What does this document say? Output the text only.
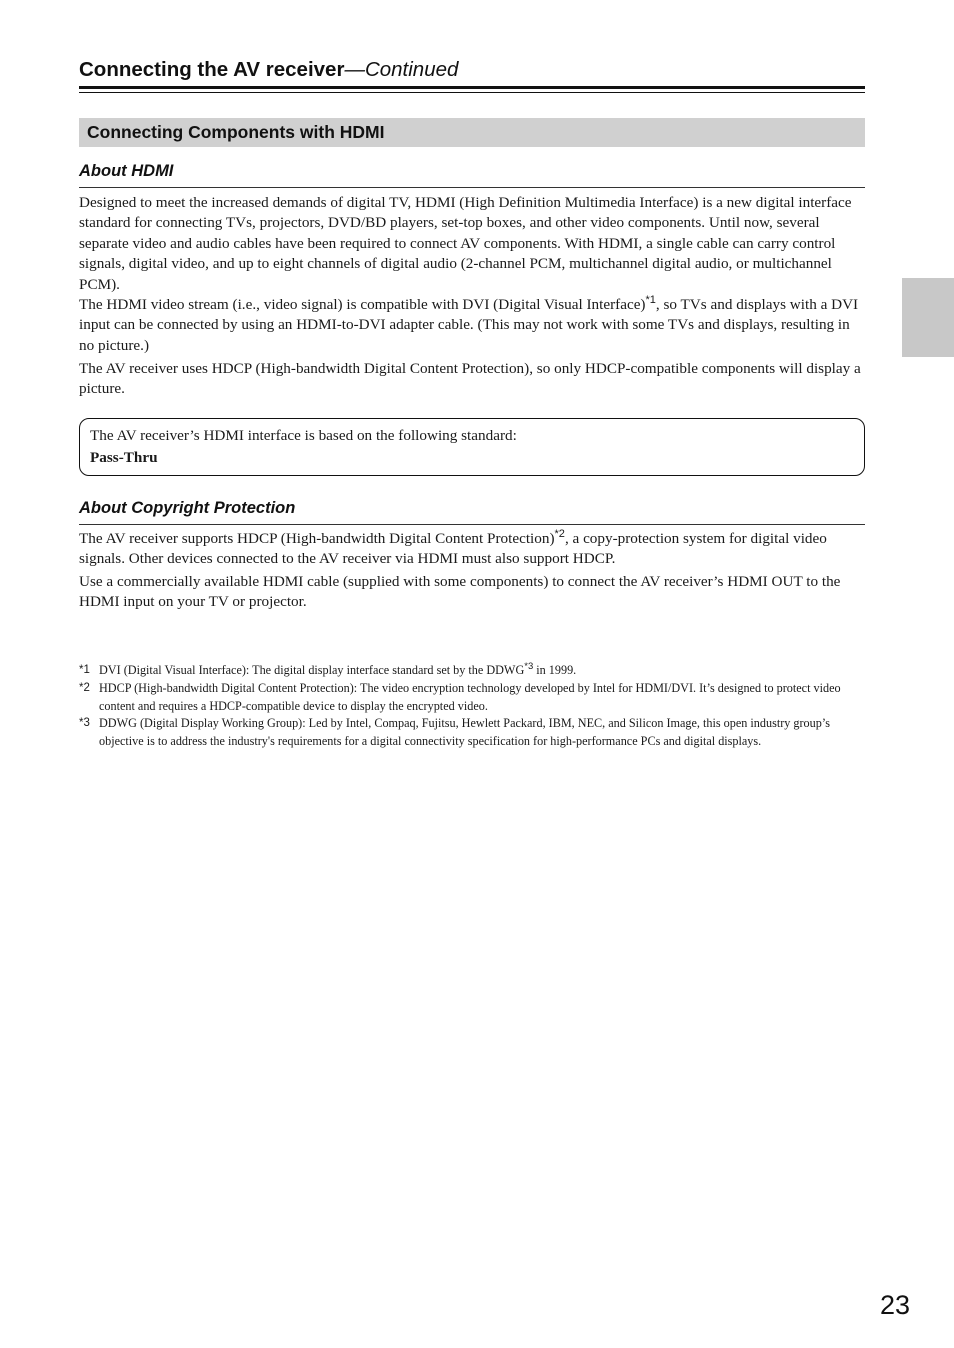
Connecting the AV receiver—Continued
Connecting Components with HDMI
About HDMI

Designed to meet the increased demands of digital TV, HDMI (High Definition Multimedia Interface) is a new digital interface standard for connecting TVs, projectors, DVD/BD players, set-top boxes, and other video components. Until now, several separate video and audio cables have been required to connect AV components. With HDMI, a single cable can carry control signals, digital video, and up to eight channels of digital audio (2-channel PCM, multichannel digital audio, or multichannel PCM).

The HDMI video stream (i.e., video signal) is compatible with DVI (Digital Visual Interface)$^{*1}$, so TVs and displays with a DVI input can be connected by using an HDMI-to-DVI adapter cable. (This may not work with some TVs and displays, resulting in no picture.)

The AV receiver uses HDCP (High-bandwidth Digital Content Protection), so only HDCP-compatible components will display a picture.

The AV receiver’s HDMI interface is based on the following standard:
Pass-Thru
About Copyright Protection

The AV receiver supports HDCP (High-bandwidth Digital Content Protection)$^{*2}$, a copy-protection system for digital video signals. Other devices connected to the AV receiver via HDMI must also support HDCP.

Use a commercially available HDMI cable (supplied with some components) to connect the AV receiver’s HDMI OUT to the HDMI input on your TV or projector.

*1 DVI (Digital Visual Interface): The digital display interface standard set by the DDWG$^{*3}$ in 1999.
*2 HDCP (High-bandwidth Digital Content Protection): The video encryption technology developed by Intel for HDMI/DVI. It’s designed to protect video content and requires a HDCP-compatible device to display the encrypted video.
*3 DDWG (Digital Display Working Group): Led by Intel, Compaq, Fujitsu, Hewlett Packard, IBM, NEC, and Silicon Image, this open industry group’s objective is to address the industry's requirements for a digital connectivity specification for high-performance PCs and digital displays.
23
